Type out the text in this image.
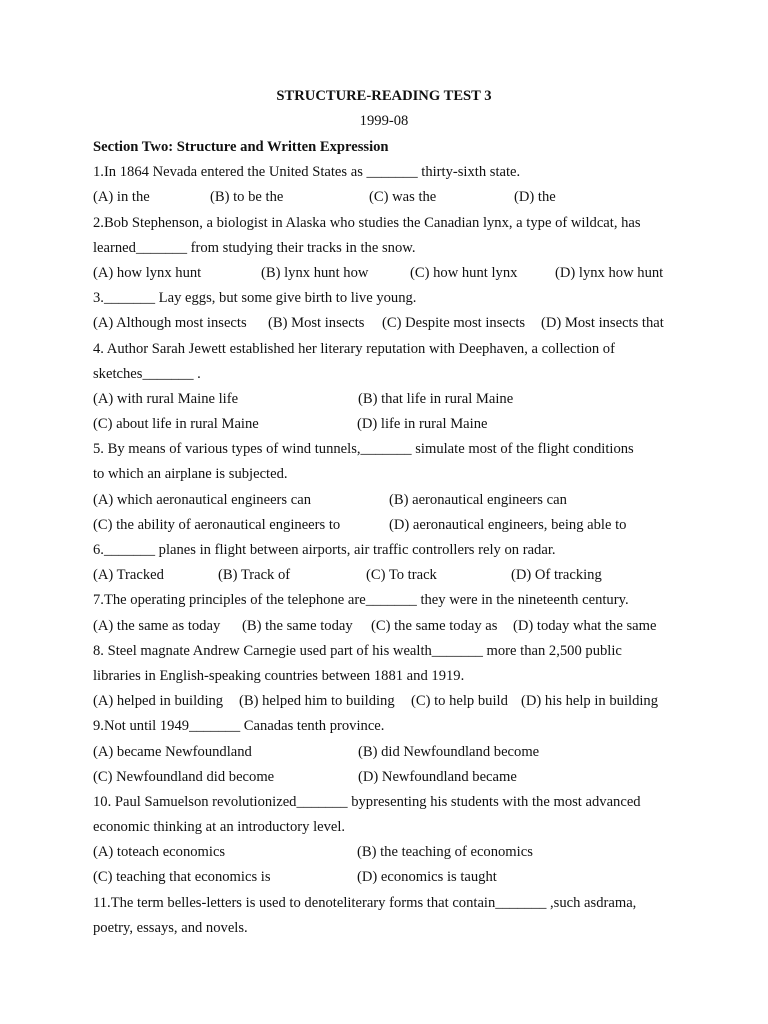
STRUCTURE-READING TEST 3
1999-08
Section Two: Structure and Written Expression
1.In 1864 Nevada entered the United States as _______ thirty-sixth state.
(A) in the	(B) to be the	(C) was the	(D) the
2.Bob Stephenson, a biologist in Alaska who studies the Canadian lynx, a type of wildcat, has
learned_______ from studying their tracks in the snow.
(A) how lynx hunt	(B) lynx hunt how	(C) how hunt lynx	(D) lynx how hunt
3._______ Lay eggs, but some give birth to live young.
(A) Although most insects (B) Most insects (C) Despite most insects (D) Most insects that
4. Author Sarah Jewett established her literary reputation with Deephaven, a collection of
sketches_______ .
(A) with rural Maine life	(B) that life in rural Maine
(C) about life in rural Maine	(D) life in rural Maine
5. By means of various types of wind tunnels,_______ simulate most of the flight conditions
to which an airplane is subjected.
(A) which aeronautical engineers can	(B) aeronautical engineers can
(C) the ability of aeronautical engineers to	(D) aeronautical engineers, being able to
6._______ planes in flight between airports, air traffic controllers rely on radar.
(A) Tracked	(B) Track of	(C) To track	(D) Of tracking
7.The operating principles of the telephone are_______ they were in the nineteenth century.
(A) the same as today (B) the same today (C) the same today as (D) today what the same
8. Steel magnate Andrew Carnegie used part of his wealth_______ more than 2,500 public
libraries in English-speaking countries between 1881 and 1919.
(A) helped in building (B) helped him to building (C) to help build (D) his help in building
9.Not until 1949_______ Canadas tenth province.
(A) became Newfoundland	(B) did Newfoundland become
(C) Newfoundland did become	(D) Newfoundland became
10. Paul Samuelson revolutionized_______ bypresenting his students with the most advanced
economic thinking at an introductory level.
(A) toteach economics	(B) the teaching of economics
(C) teaching that economics is	(D) economics is taught
11.The term belles-letters is used to denoteliterary forms that contain_______ ,such asdrama,
poetry, essays, and novels.
